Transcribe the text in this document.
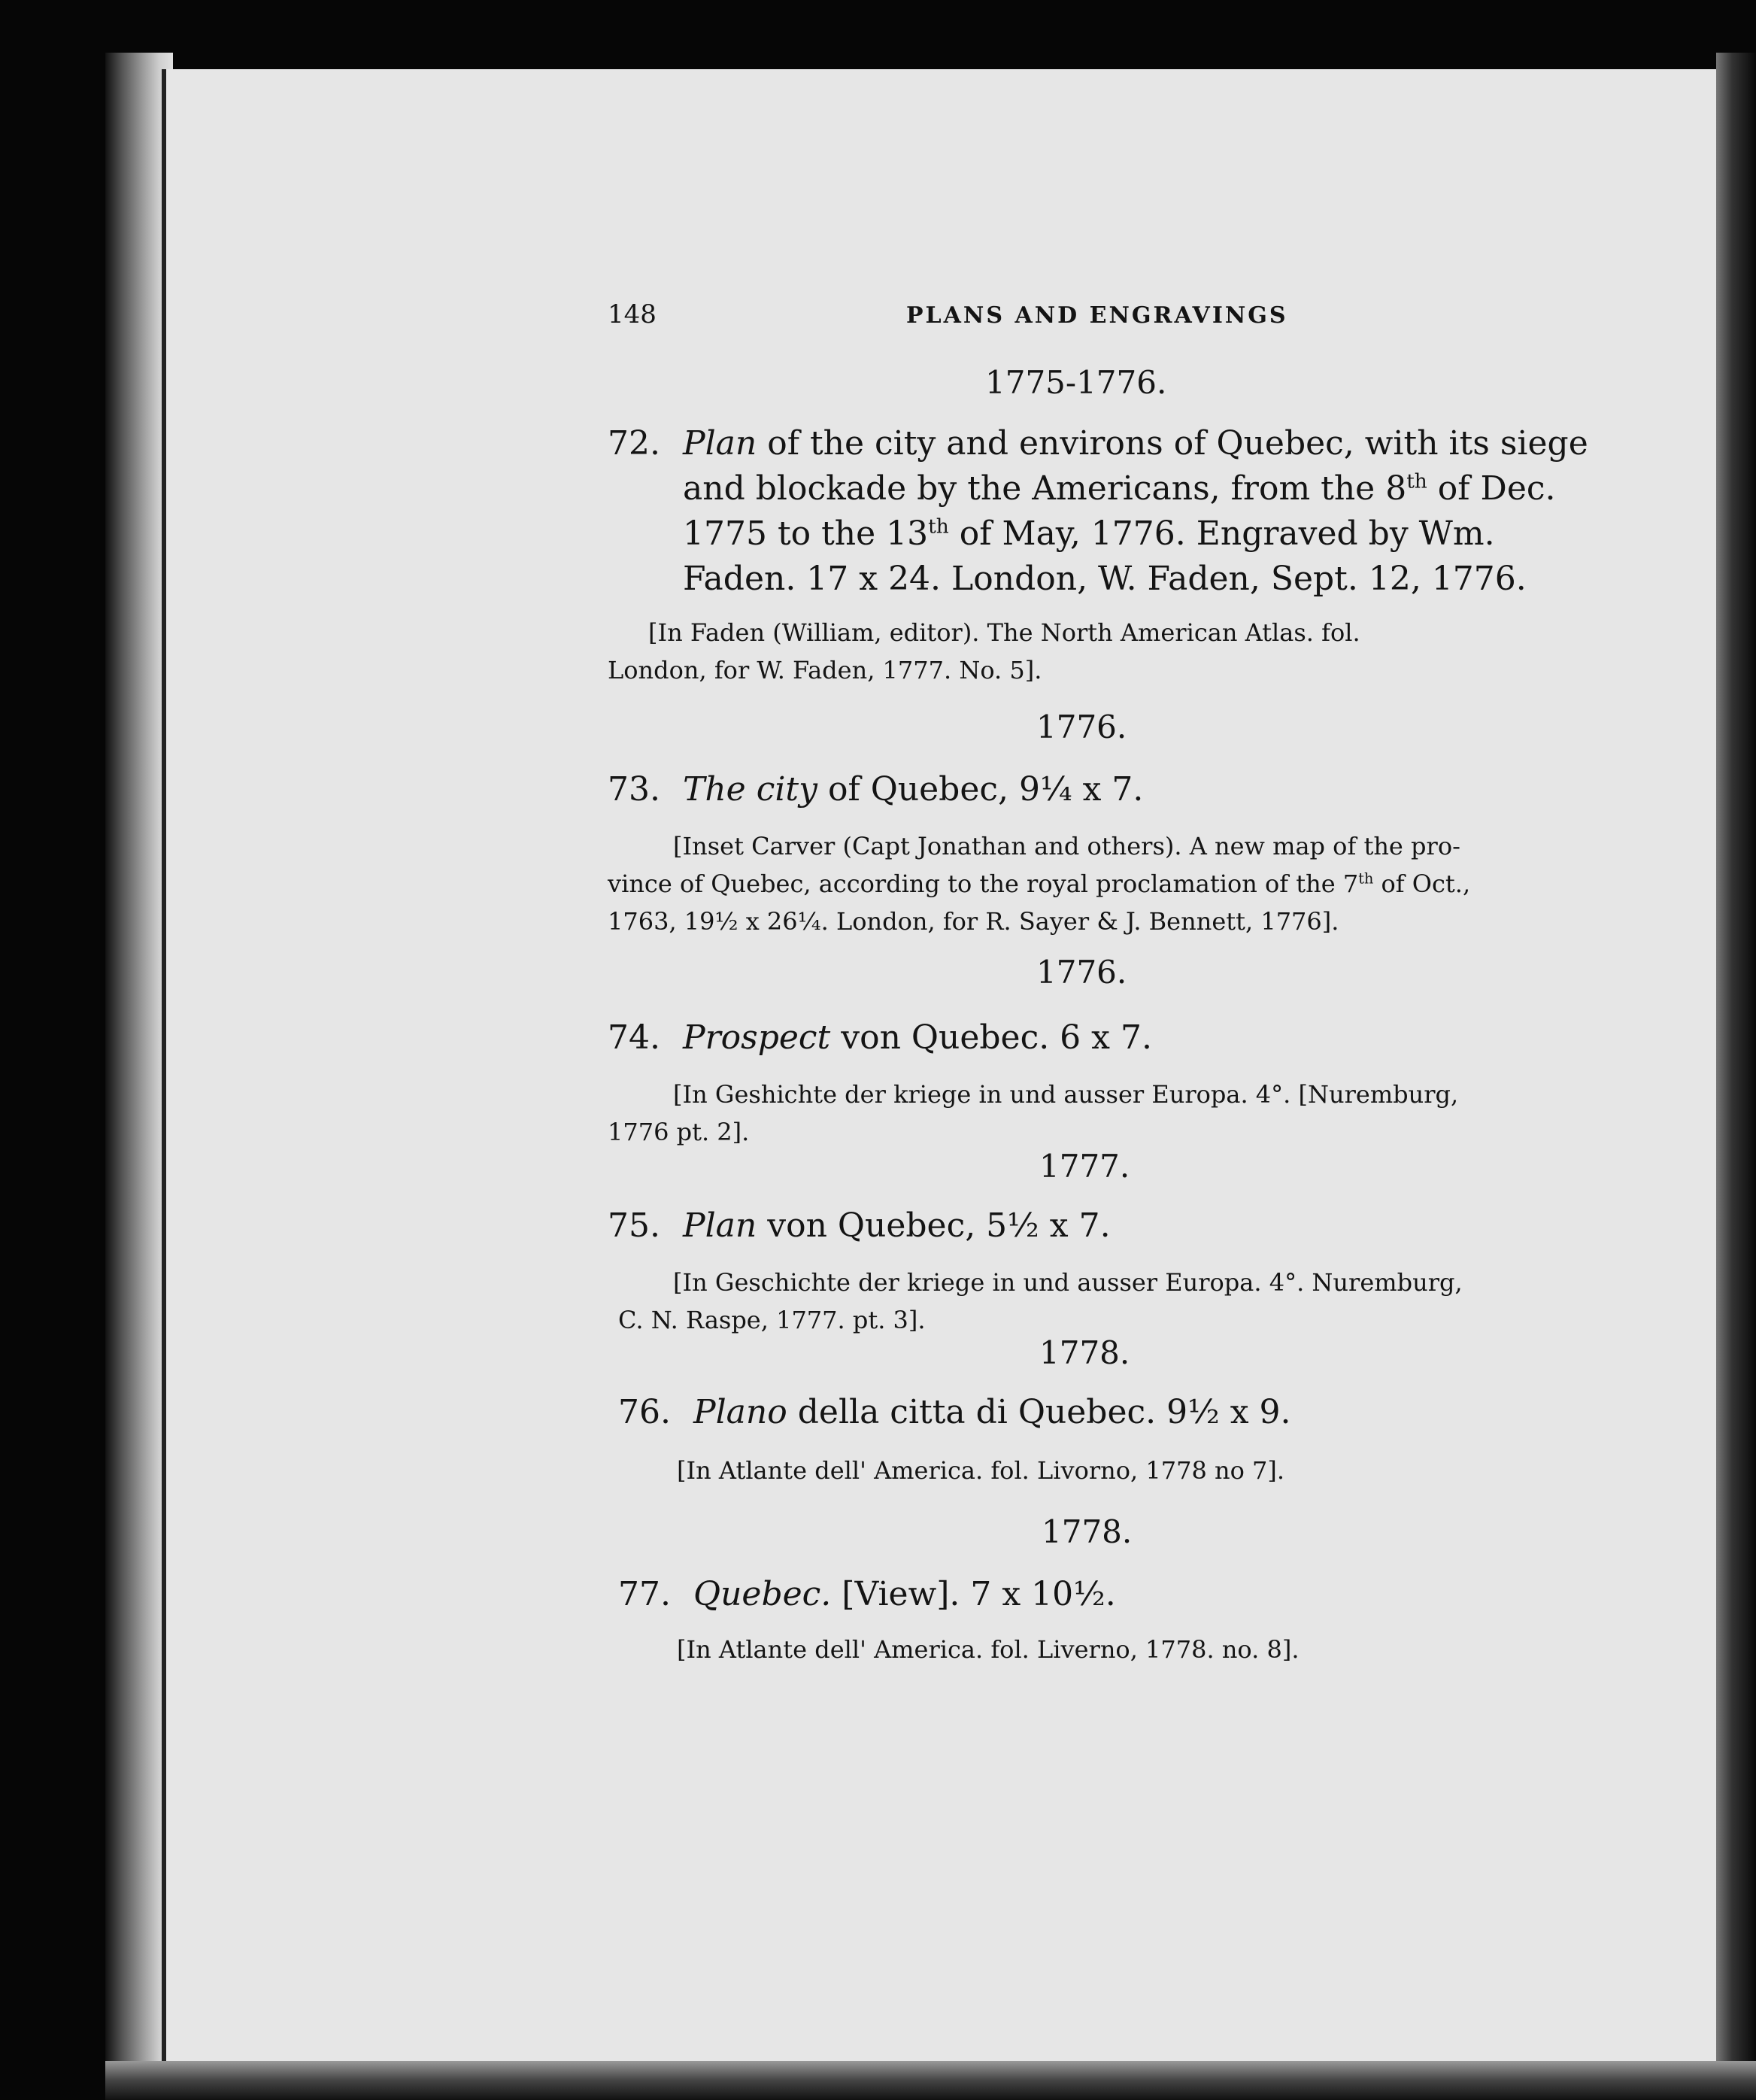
148	PLANS AND ENGRAVINGS
1775-1776.
72. Plan of the city and environs of Quebec, with its siege
and blockade by the Americans, from the 8th of Dec.
1775 to the 13th of May, 1776. Engraved by Wm.
Faden. 17 x 24. London, W. Faden, Sept. 12, 1776.
[In Faden (William, editor). The North American Atlas. fol.
London, for W. Faden, 1777. No. 5].
1776.
73. The city of Quebec, 9¼ x 7.
[Inset Carver (Capt Jonathan and others). A new map of the pro-
vince of Quebec, according to the royal proclamation of the 7th of Oct.,
1763, 19½ x 26¼. London, for R. Sayer & J. Bennett, 1776].
1776.
74. Prospect von Quebec. 6 x 7.
[In Geshichte der kriege in und ausser Europa. 4°. [Nuremburg,
1776 pt. 2].
1777.
75. Plan von Quebec, 5½ x 7.
[In Geschichte der kriege in und ausser Europa. 4°. Nuremburg,
C. N. Raspe, 1777. pt. 3].
1778.
76. Plano della citta di Quebec. 9½ x 9.
[In Atlante dell' America. fol. Livorno, 1778 no 7].
1778.
77. Quebec. [View]. 7 x 10½.
[In Atlante dell' America. fol. Liverno, 1778. no. 8].
